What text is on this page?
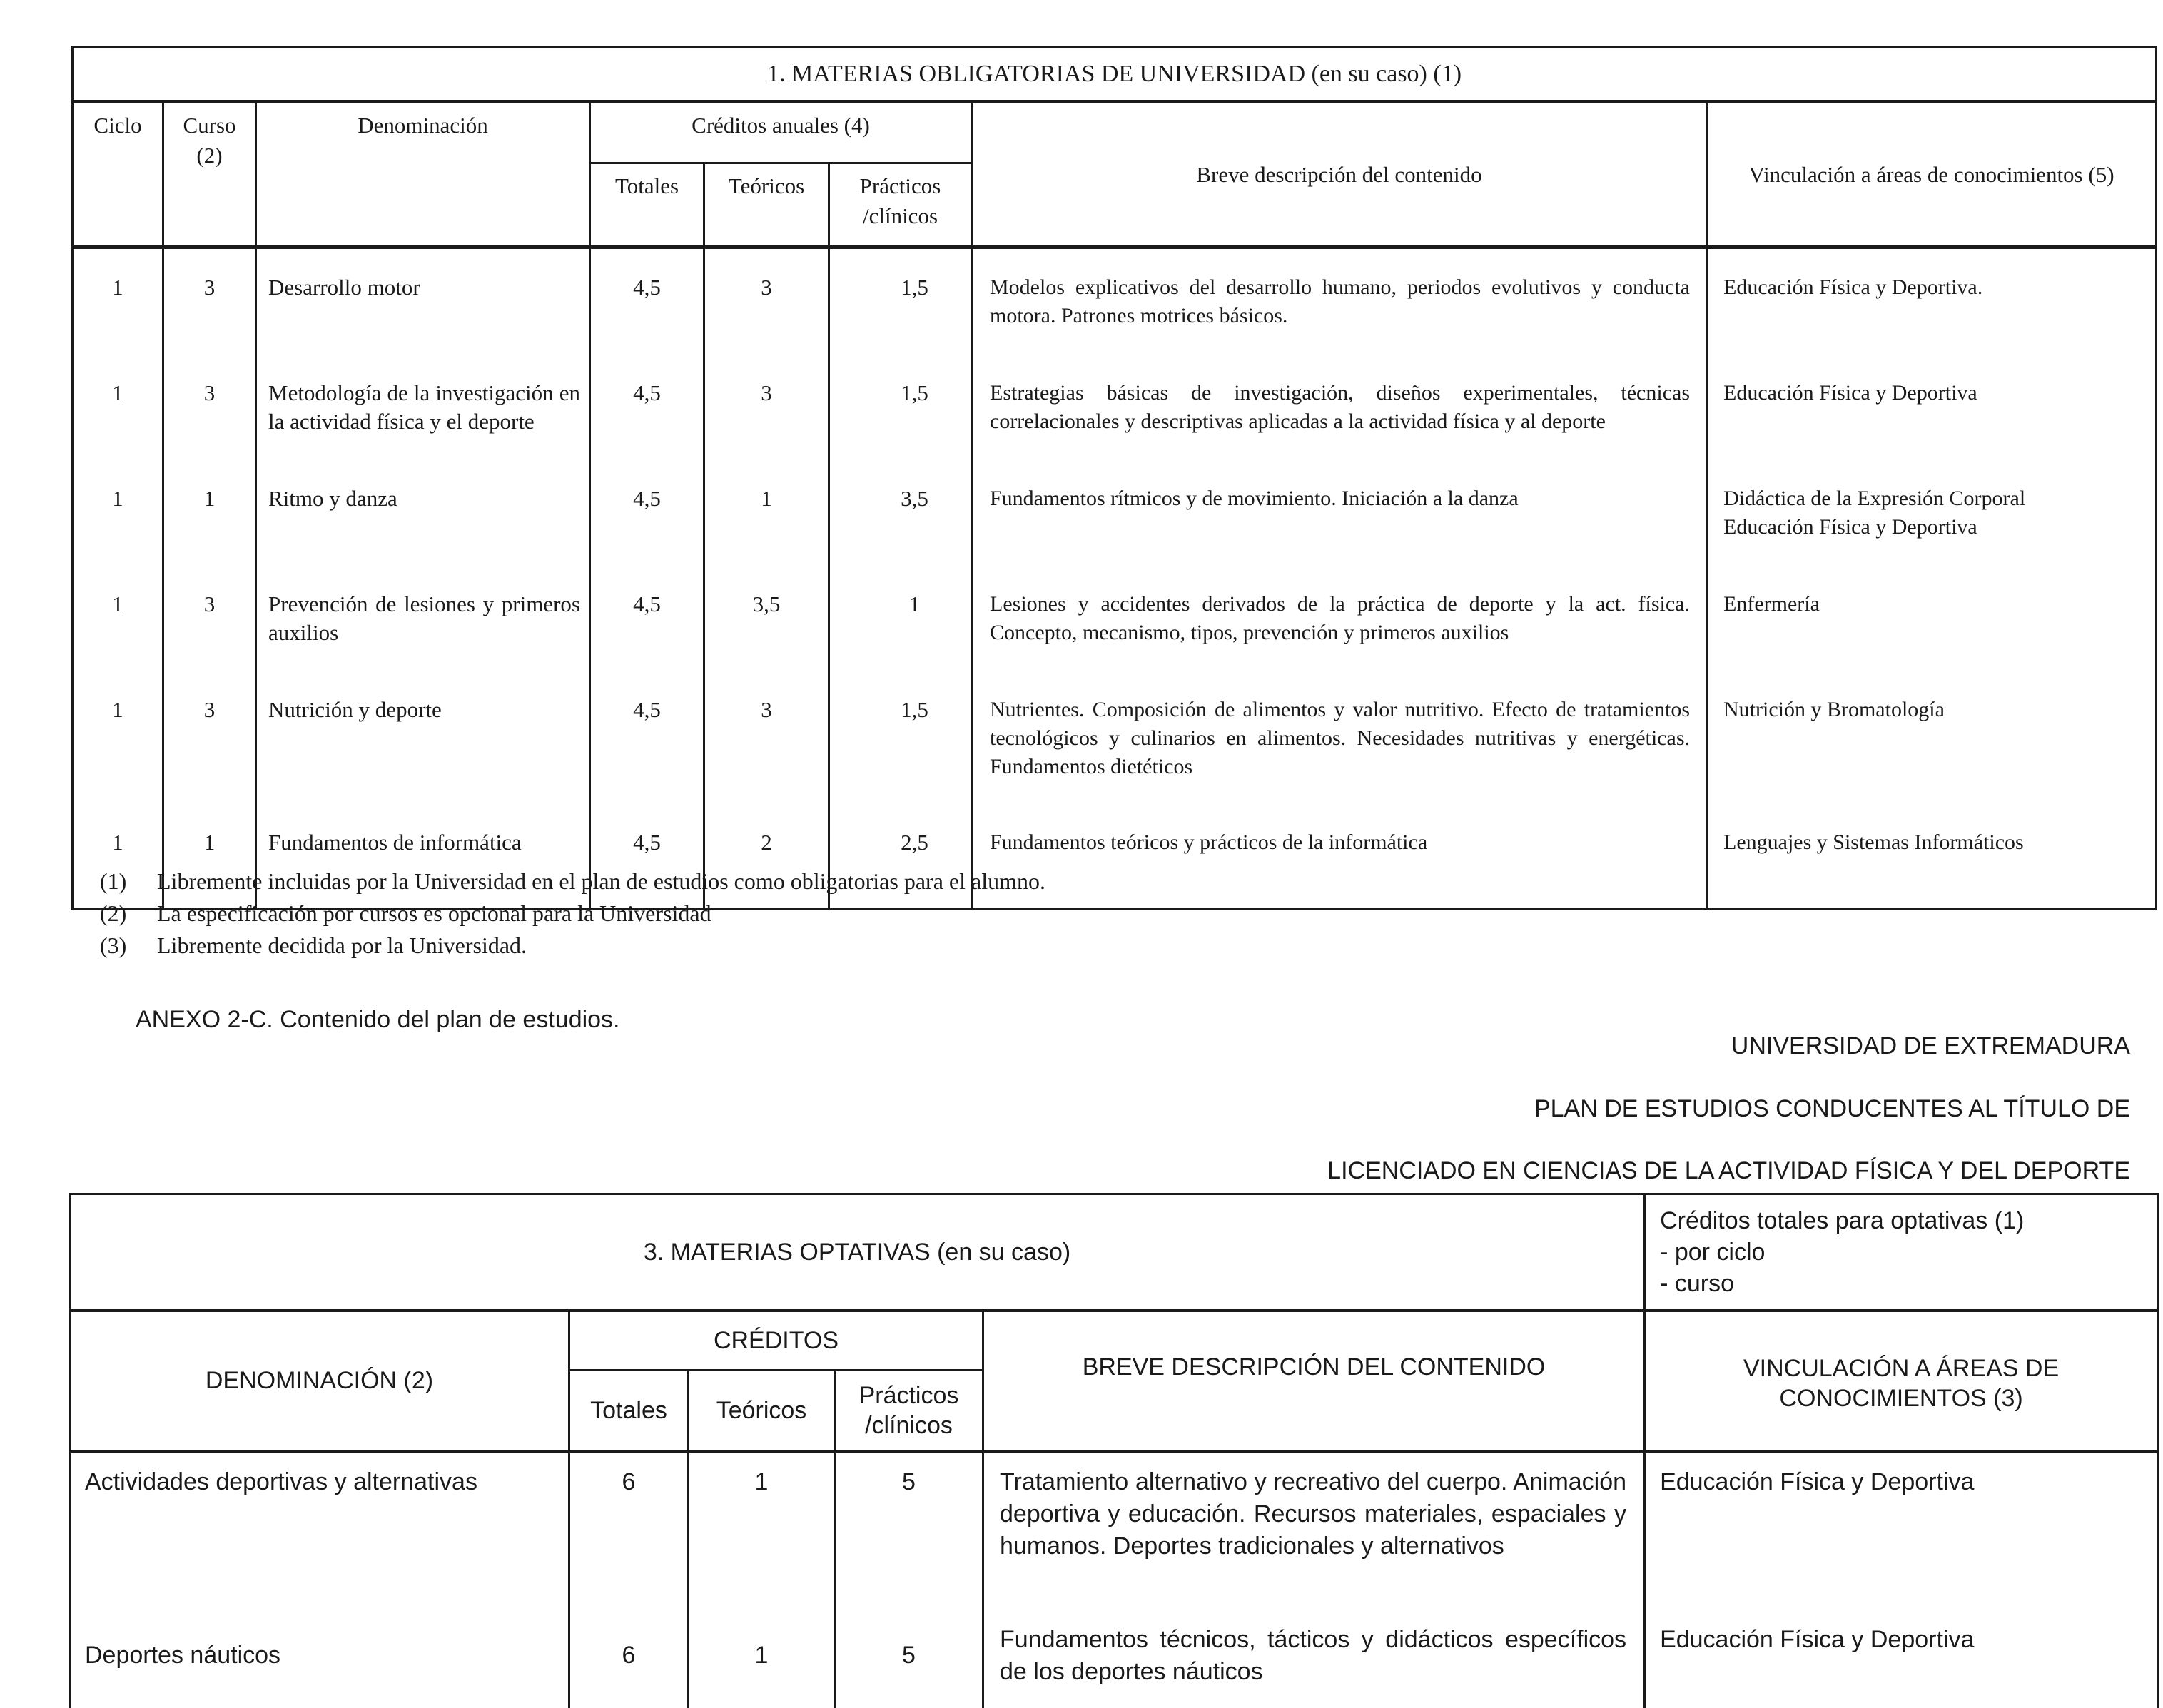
1. MATERIAS OBLIGATORIAS DE UNIVERSIDAD (en su caso) (1)							
Ciclo	Curso (2)	Denominación	Créditos anuales (4)			Breve descripción del contenido	Vinculación a áreas de conocimientos (5)
			Totales	Teóricos	Prácticos /clínicos		

1	3	Desarrollo motor	4,5	3	1,5	Modelos explicativos del desarrollo humano, periodos evolutivos y conducta motora. Patrones motrices básicos.	Educación Física y Deportiva.
1	3	Metodología de la investigación en la actividad física y el deporte	4,5	3	1,5	Estrategias básicas de investigación, diseños experimentales, técnicas correlacionales y descriptivas aplicadas a la actividad física y al deporte	Educación Física y Deportiva
1	1	Ritmo y danza	4,5	1	3,5	Fundamentos rítmicos y de movimiento. Iniciación a la danza	Didáctica de la Expresión Corporal
Educación Física y Deportiva
1	3	Prevención de lesiones y primeros auxilios	4,5	3,5	1	Lesiones y accidentes derivados de la práctica de deporte y la act. física. Concepto, mecanismo, tipos, prevención y primeros auxilios	Enfermería
1	3	Nutrición y deporte	4,5	3	1,5	Nutrientes. Composición de alimentos y valor nutritivo. Efecto de tratamientos tecnológicos y culinarios en alimentos. Necesidades nutritivas y energéticas. Fundamentos dietéticos	Nutrición y Bromatología
1	1	Fundamentos de informática	4,5	2	2,5	Fundamentos teóricos y prácticos de la informática	Lenguajes y Sistemas Informáticos
(1) Libremente incluidas por la Universidad en el plan de estudios como obligatorias para el alumno.
(2) La especificación por cursos es opcional para la Universidad
(3) Libremente decidida por la Universidad.
ANEXO 2-C. Contenido del plan de estudios.
UNIVERSIDAD DE EXTREMADURA
PLAN DE ESTUDIOS CONDUCENTES AL TÍTULO DE
LICENCIADO EN CIENCIAS DE LA ACTIVIDAD FÍSICA Y DEL DEPORTE
3. MATERIAS OPTATIVAS (en su caso)					Créditos totales para optativas (1)
- por ciclo
- curso

DENOMINACIÓN (2)	CRÉDITOS			BREVE DESCRIPCIÓN DEL CONTENIDO	VINCULACIÓN A ÁREAS DE CONOCIMIENTOS (3)
	Totales	Teóricos	Prácticos /clínicos		
Actividades deportivas y alternativas	6	1	5	Tratamiento alternativo y recreativo del cuerpo. Animación deportiva y educación. Recursos materiales, espaciales y humanos. Deportes tradicionales y alternativos	Educación Física y Deportiva
Deportes náuticos	6	1	5	Fundamentos técnicos, tácticos y didácticos específicos de los deportes náuticos	Educación Física y Deportiva
